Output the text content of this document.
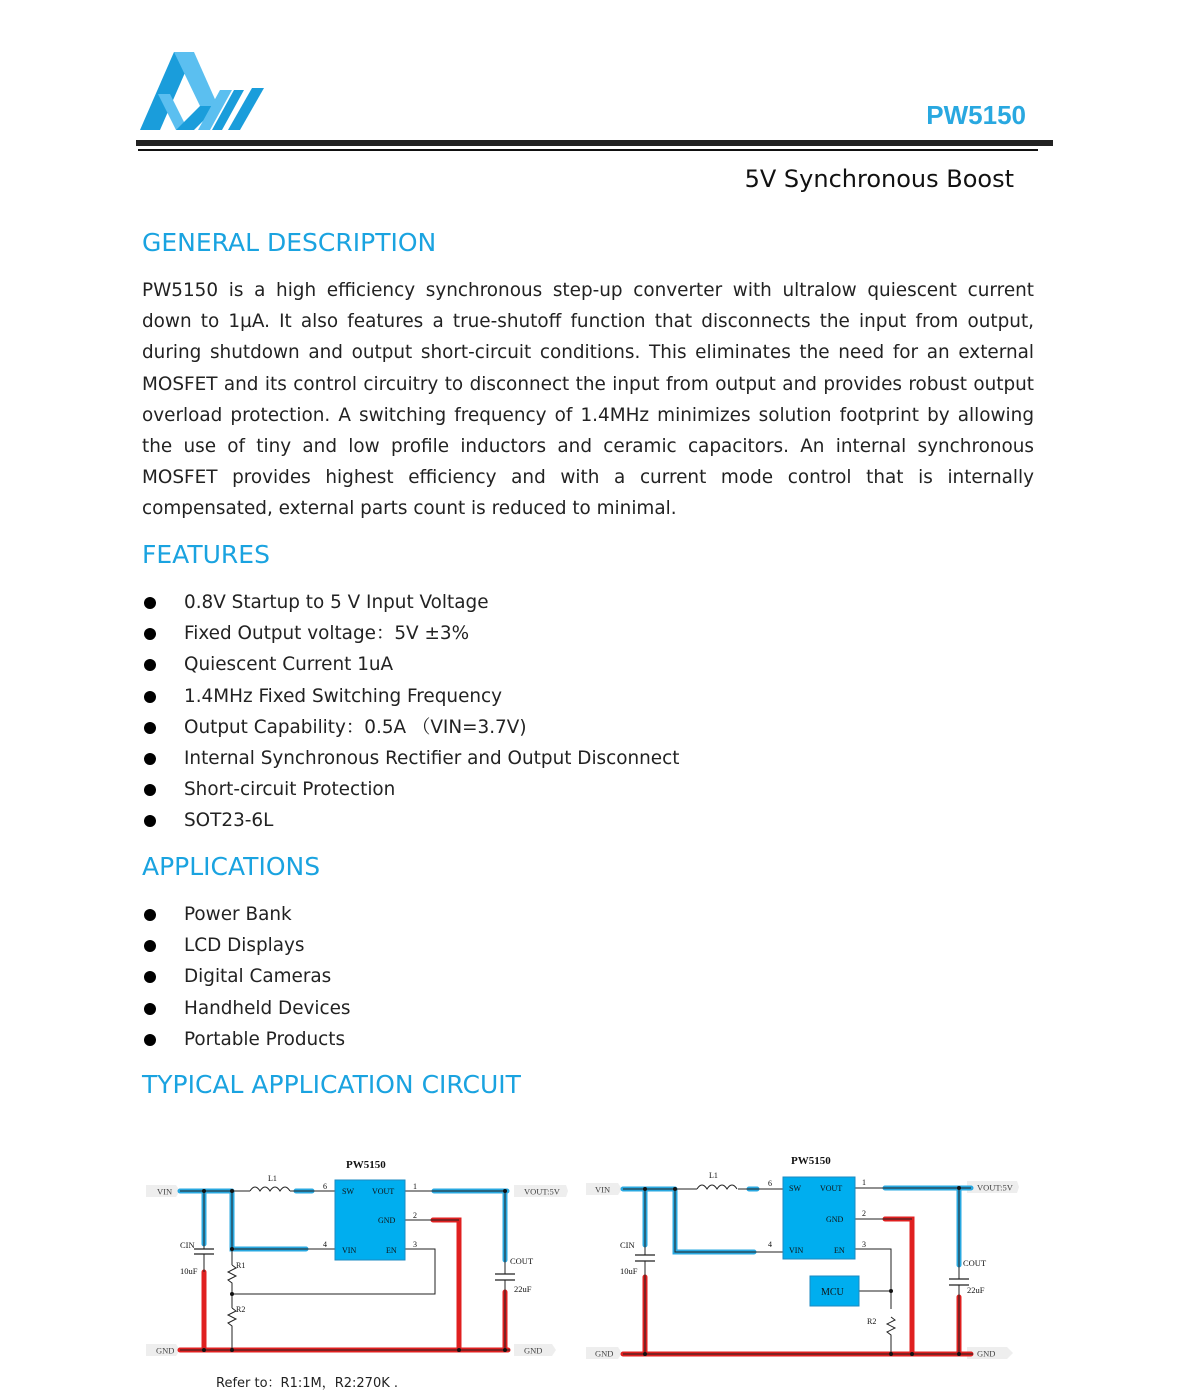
PW5150
5V Synchronous Boost
GENERAL DESCRIPTION
PW5150 is a high efficiency synchronous step-up converter with ultralow quiescent current down to 1µA. It also features a true-shutoff function that disconnects the input from output, during shutdown and output short-circuit conditions. This eliminates the need for an external MOSFET and its control circuitry to disconnect the input from output and provides robust output overload protection. A switching frequency of 1.4MHz minimizes solution footprint by allowing the use of tiny and low profile inductors and ceramic capacitors. An internal synchronous MOSFET provides highest efficiency and with a current mode control that is internally compensated, external parts count is reduced to minimal.
FEATURES
0.8V Startup to 5 V Input Voltage
Fixed Output voltage：5V ±3%
Quiescent Current 1uA
1.4MHz Fixed Switching Frequency
Output Capability：0.5A （VIN=3.7V)
Internal Synchronous Rectifier and Output Disconnect
Short-circuit Protection
SOT23-6L
APPLICATIONS
Power Bank
LCD Displays
Digital Cameras
Handheld Devices
Portable Products
TYPICAL APPLICATION CIRCUIT
VIN
GND
VOUT:5V
GND
PW5150
SW VOUT
GND
VIN	EN
6	1
2
4	3
L1
CIN
10uF
COUT
22uF
R1
R2
VIN
GND
VOUT:5V
GND
PW5150
SW VOUT
GND
VIN	EN
6	1
2
4	3
L1
CIN
10uF
COUT
22uF
MCU
R2
Refer to：R1:1M，R2:270K .
